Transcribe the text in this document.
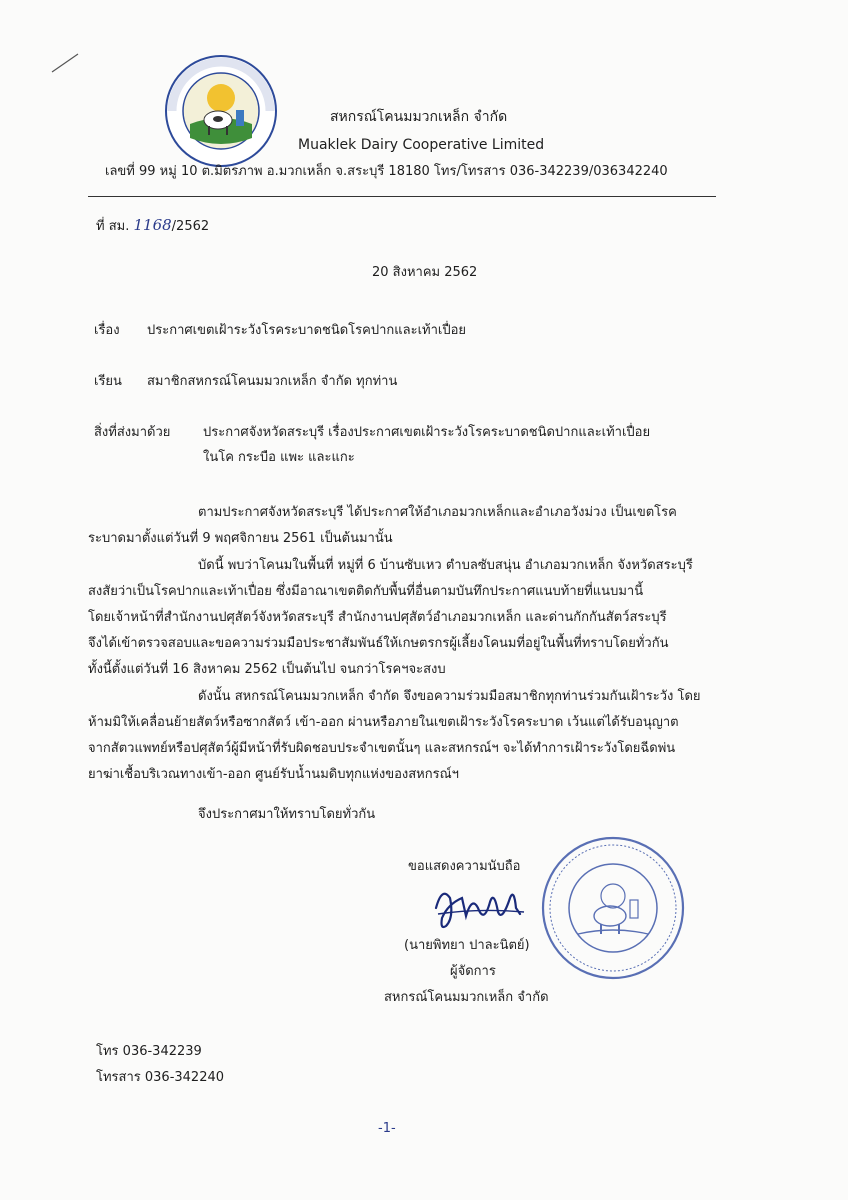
สหกรณ์โคนมมวกเหล็ก จำกัด
Muaklek Dairy Cooperative Limited
เลขที่ 99 หมู่ 10 ต.มิตรภาพ อ.มวกเหล็ก จ.สระบุรี 18180 โทร/โทรสาร 036-342239/036342240
ที่ สม. 1168/2562
20 สิงหาคม 2562
เรื่อง ประกาศเขตเฝ้าระวังโรคระบาดชนิดโรคปากและเท้าเปื่อย
เรียน สมาชิกสหกรณ์โคนมมวกเหล็ก จำกัด ทุกท่าน
สิ่งที่ส่งมาด้วย	ประกาศจังหวัดสระบุรี เรื่องประกาศเขตเฝ้าระวังโรคระบาดชนิดปากและเท้าเปื่อย
ในโค กระบือ แพะ และแกะ
ตามประกาศจังหวัดสระบุรี ได้ประกาศให้อำเภอมวกเหล็กและอำเภอวังม่วง เป็นเขตโรค
ระบาดมาตั้งแต่วันที่ 9 พฤศจิกายน 2561 เป็นต้นมานั้น
บัดนี้ พบว่าโคนมในพื้นที่ หมู่ที่ 6 บ้านซับเหว ตำบลซับสนุ่น อำเภอมวกเหล็ก จังหวัดสระบุรี
สงสัยว่าเป็นโรคปากและเท้าเปื่อย ซึ่งมีอาณาเขตติดกับพื้นที่อื่นตามบันทึกประกาศแนบท้ายที่แนบมานี้
โดยเจ้าหน้าที่สำนักงานปศุสัตว์จังหวัดสระบุรี สำนักงานปศุสัตว์อำเภอมวกเหล็ก และด่านกักกันสัตว์สระบุรี
จึงได้เข้าตรวจสอบและขอความร่วมมือประชาสัมพันธ์ให้เกษตรกรผู้เลี้ยงโคนมที่อยู่ในพื้นที่ทราบโดยทั่วกัน
ทั้งนี้ตั้งแต่วันที่ 16 สิงหาคม 2562 เป็นต้นไป จนกว่าโรคฯจะสงบ
ดังนั้น สหกรณ์โคนมมวกเหล็ก จำกัด จึงขอความร่วมมือสมาชิกทุกท่านร่วมกันเฝ้าระวัง โดย
ห้ามมิให้เคลื่อนย้ายสัตว์หรือซากสัตว์ เข้า-ออก ผ่านหรือภายในเขตเฝ้าระวังโรคระบาด เว้นแต่ได้รับอนุญาต
จากสัตวแพทย์หรือปศุสัตว์ผู้มีหน้าที่รับผิดชอบประจำเขตนั้นๆ และสหกรณ์ฯ จะได้ทำการเฝ้าระวังโดยฉีดพ่น
ยาฆ่าเชื้อบริเวณทางเข้า-ออก ศูนย์รับน้ำนมดิบทุกแห่งของสหกรณ์ฯ
จึงประกาศมาให้ทราบโดยทั่วกัน
ขอแสดงความนับถือ
(นายพิทยา ปาละนิตย์)
ผู้จัดการ
สหกรณ์โคนมมวกเหล็ก จำกัด
โทร 036-342239
โทรสาร 036-342240
-1-
